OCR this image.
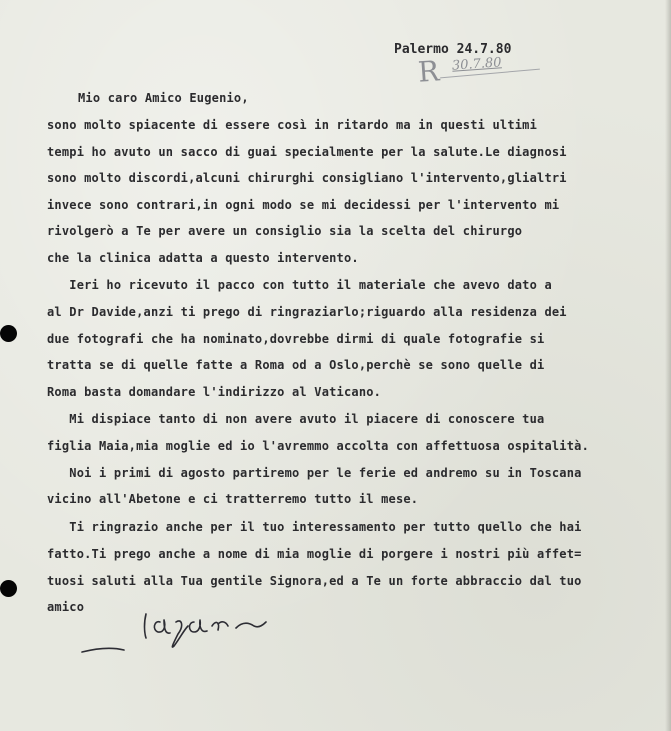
Palermo 24.7.80
R 30.7.80
Mio caro Amico Eugenio,
sono molto spiacente di essere così in ritardo ma in questi ultimi
tempi ho avuto un sacco di guai specialmente per la salute.Le diagnosi
sono molto discordi,alcuni chirurghi consigliano l'intervento,glialtri
invece sono contrari,in ogni modo se mi decidessi per l'intervento mi
rivolgerò a Te per avere un consiglio sia la scelta del chirurgo
che la clinica adatta a questo intervento.
Ieri ho ricevuto il pacco con tutto il materiale che avevo dato a
al Dr Davide,anzi ti prego di ringraziarlo;riguardo alla residenza dei
due fotografi che ha nominato,dovrebbe dirmi di quale fotografie si
tratta se di quelle fatte a Roma od a Oslo,perchè se sono quelle di
Roma basta domandare l'indirizzo al Vaticano.
Mi dispiace tanto di non avere avuto il piacere di conoscere tua
figlia Maia,mia moglie ed io l'avremmo accolta con affettuosa ospitalità.
Noi i primi di agosto partiremo per le ferie ed andremo su in Toscana
vicino all'Abetone e ci tratterremo tutto il mese.
Ti ringrazio anche per il tuo interessamento per tutto quello che hai
fatto.Ti prego anche a nome di mia moglie di porgere i nostri più affet=
tuosi saluti alla Tua gentile Signora,ed a Te un forte abbraccio dal tuo
amico
